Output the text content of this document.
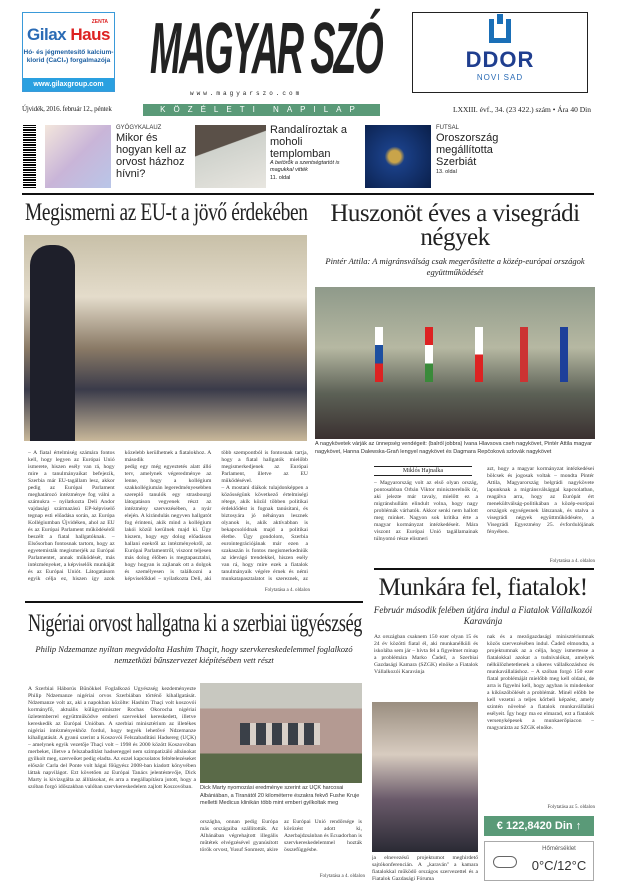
ZENTA
Gilax Haus
Hó- és jégmentesítő kalcium-klorid (CaCl₂) forgalmazója
www.gilaxgroup.com MAGYAR SZÓ
www.magyarszo.com
DDOR
NOVI SAD
Újvidék, 2016. február 12., péntek	KÖZÉLETI NAPILAP	LXXIII. évf., 34. (23 422.) szám • Ára 40 Din
GYÓGYKALAUZ
Mikor és hogyan kell az orvost házhoz hívni?
Randalíroztak a moholi templomban
A betörők a szentségtartót is magukkal vitték
11. oldal
FUTSAL
Oroszország megállította Szerbiát
13. oldal
Megismerni az EU-t a jövő érdekében

– A fiatal értelmiség számára fontos kell, hogy legyen az Európai Unió ismerete, hiszen esély van rá, hogy mire a tanulmányaikat befejezik, Szerbia már EU-tagállam lesz, akkor pedig az Európai Parlament meghatározó intézménye fog válni a számukra – nyilatkozta Deli Andor vajdasági származású EP-képviselő tegnap esti előadása során, az Európa Kollégiumban Újvidéken, ahol az EU és az Európai Parlament működéséről beszélt a fiatal hallgatóknak. – Elsősorban fontosnak tartom, hogy az egyetemisták megismerjék az Európai Parlamentet, annak működését, más intézményeket, a képviselők munkáját és az Európai Uniót. Látogatásom egyik célja ez, hiszen így azok közelebb kerülhetnek a fiatalokhoz. A második

pedig egy még egyeztetés alatt álló terv, amelynek végeredménye az lenne, hogy a kollégium szakkollégiumán legeredményesebben szereplő tanulók egy strasbourgi látogatáson vegyenek részt az intézmény szervezésében, a nyár elején. A kirándulás negyven hallgatót fog érinteni, akik mind a kollégium lakói közül kerülnek majd ki. Úgy hiszem, hogy egy dolog előadáson hallani ezekről az intézményekről, az Európai Parlamentről, viszont teljesen más dolog élőben is megtapasztalni, hogy hogyan is zajlanak ott a dolgok és személyesen is találkozni a képviselőkkel – nyilatkozta Deli, aki több szempontból is fontosnak tartja, hogy a fiatal hallgatók mielőbb megismerkedjenek az Európai Parlament, illetve az EU működésével.

– A mostani diákok tulajdonképpen a közösségünk következő értelmiségi rétege, akik közül többen politikai érdeklődést is fognak tanúsítani, és biztosyára jó néhányan lesznek olyanok is, akik aktívabban is bekapcsolódnak majd a politikai életbe. Úgy gondolom, Szerbia eurointegrációjának már ezen a szakaszán is fontos megismerkedniük az idevágó trendekkel, hiszen esély van rá, hogy mire ezek a fiatalok tanulmányaik végére érnek és némi munkatapasztalatot is szereznek, az

Folytatása a 4. oldalon
Huszonöt éves a visegrádi négyek
Pintér Attila: A migránsválság csak megerősítette a közép-európai országok együttműködését
A nagykövetek várják az ünnepség vendégeit: (balról jobbra) Ivana Hlavsova cseh nagykövet, Pintér Attila magyar nagykövet, Hanna Dalewska-Graň lengyel nagykövet és Dagmara Repčoková szlovák nagykövet
Miklós Hajnalka
– Magyarország volt az első olyan ország, pontosabban Orbán Viktor miniszterelnök úr, aki jelezte már tavaly, mielőtt ez a migránshullám elindult volna, hogy nagy problémák várhatók. Akkor senki nem hallott meg minket. Nagyon sok kritika érte a magyar kormányzat intézkedéseit. Mára viszont az Európai Unió tagállamainak túlnyomó része elismeri
azt, hogy a magyar kormányzat intézkedései bölcsek és jogosak voltak – mondta Pintér Attila, Magyarország belgrádi nagykövete lapunknak a migránsválsággal kapcsolatban, reagálva arra, hogy az Európát ért menekültválság-politikában a közép-európai országok egységesnek látszanak, és utalva a visegrádi négyek együttműködésére, a Visegrádi Egyezmény 25. évfordulójának fényében.
Folytatása a 4. oldalon
Munkára fel, fiatalok!
Február második felében útjára indul a Fiatalok Vállalkozói Karavánja
Az országban csaknem 150 ezer olyan 15 és 24 év közötti fiatal él, aki munkanélküli és iskolába sem jár – hívta fel a figyelmet minap a problémára Marko Čadež, a Szerbiai Gazdasági Kamara (SZGK) elnöke a Fiatalok Vállalkozói Karavánja
ja elnevezésű projektumot meghirdető sajtókonferencián. A „karaván" a kamara fiatalokkal működő országos szervezettel és a Fiatalok Gazdasági Fóruma
nak és a mezőgazdasági minisztériumnak közös szervezésében indul. Čadež elmondta, a projektumnak az a célja, hogy ismertesse a fiatalokkal azokat a tudnivalókat, amelyek nélkülözhetetlenek a sikeres vállalkozáshoz és munkavállaláshoz. – A szóban forgó 150 ezer fiatal problémáját mielőbb meg kell oldani, de arra is figyelni kell, hogy agyban is mindenkor a kiküszöbölését a problémát. Minél előbb be kell vezetni a teljes kőrbeli képzést, amely szintén növelné a fiatalok munkavállalási esélyeit. Így hogy ma ez elmarad, ezt a fiatalok versenyképesek a munkaerőpiacon – magyarázta az SZGK elnöke.
Folytatása az 5. oldalon
€ 122,8420 Din ↑
Hőmérséklet
0°C/12°C
Nigériai orvost hallgatna ki a szerbiai ügyészség
Philip Ndzemanze nyíltan megvádolta Hashim Thaçit, hogy szervkereskedelemmel foglalkozó nemzetközi bűnszervezet kiépítésében vett részt
A Szerbiai Háborús Bűnökkel Foglalkozó Ügyészség kezdeményezte Philip Ndzemanze nigériai orvos Szerbiában történő kihallgatását. Ndzemanze volt az, aki a napokban közölte: Hashim Thaçi volt koszovói kormányfő, aktuális külügyminiszter Rochas Okorocha nigériai üzletemberrel együttműködve emberi szervekkel kereskedett, illetve kereskedik az Európai Unióban. A szerbiai minisztérium az illetékes nigériai intézményekhöz fordul, hogy tegyék lehetővé Ndzemanze kihallgatását. A gyanú szerint a Koszovói Felszabadítási Hadsereg (UÇK) – amelynek egyik vezetője Thaçi volt – 1998 és 2000 között Koszovóban merbeket, illetve a felszabadítást hadsereggel nem szimpatizáló albánokat gyilkolt meg, szerveiket pedig eladta. Az ezzel kapcsolatos feltételezéseket először Carla del Ponte volt hágai főügyész 2008-ban kiadott könyvében láttak napvilágot. Ezt követően az Európai Tanács jelentéstevője, Dick Marty is kivizsgálta az állításokat, és arra a megállapításra jutott, hogy a szóban forgó időszakban valóban szervkereskedelem zajlott Koszovóban.	Dick Marty nyomozási eredménye szerint az UÇK harcosai Albániában, a Tiranától 20 kilométerre északra fekvő Fushe Kruje melletti Medicus klinikán több mint emberi gyilkoltak meg
országba, onnan pedig Európa más országaiba szállították. Az Albánában végrehajtott illegális műtétek elvégzésével gyanúsított török orvost, Yusuf Sonmezt, akire az Európai Unió rendőrsége is körözést adott ki, Azerbajdzsánban és Ecuadorban is szervkereskedelemmel hozták összefüggésbe.
Folytatása a 4. oldalon
